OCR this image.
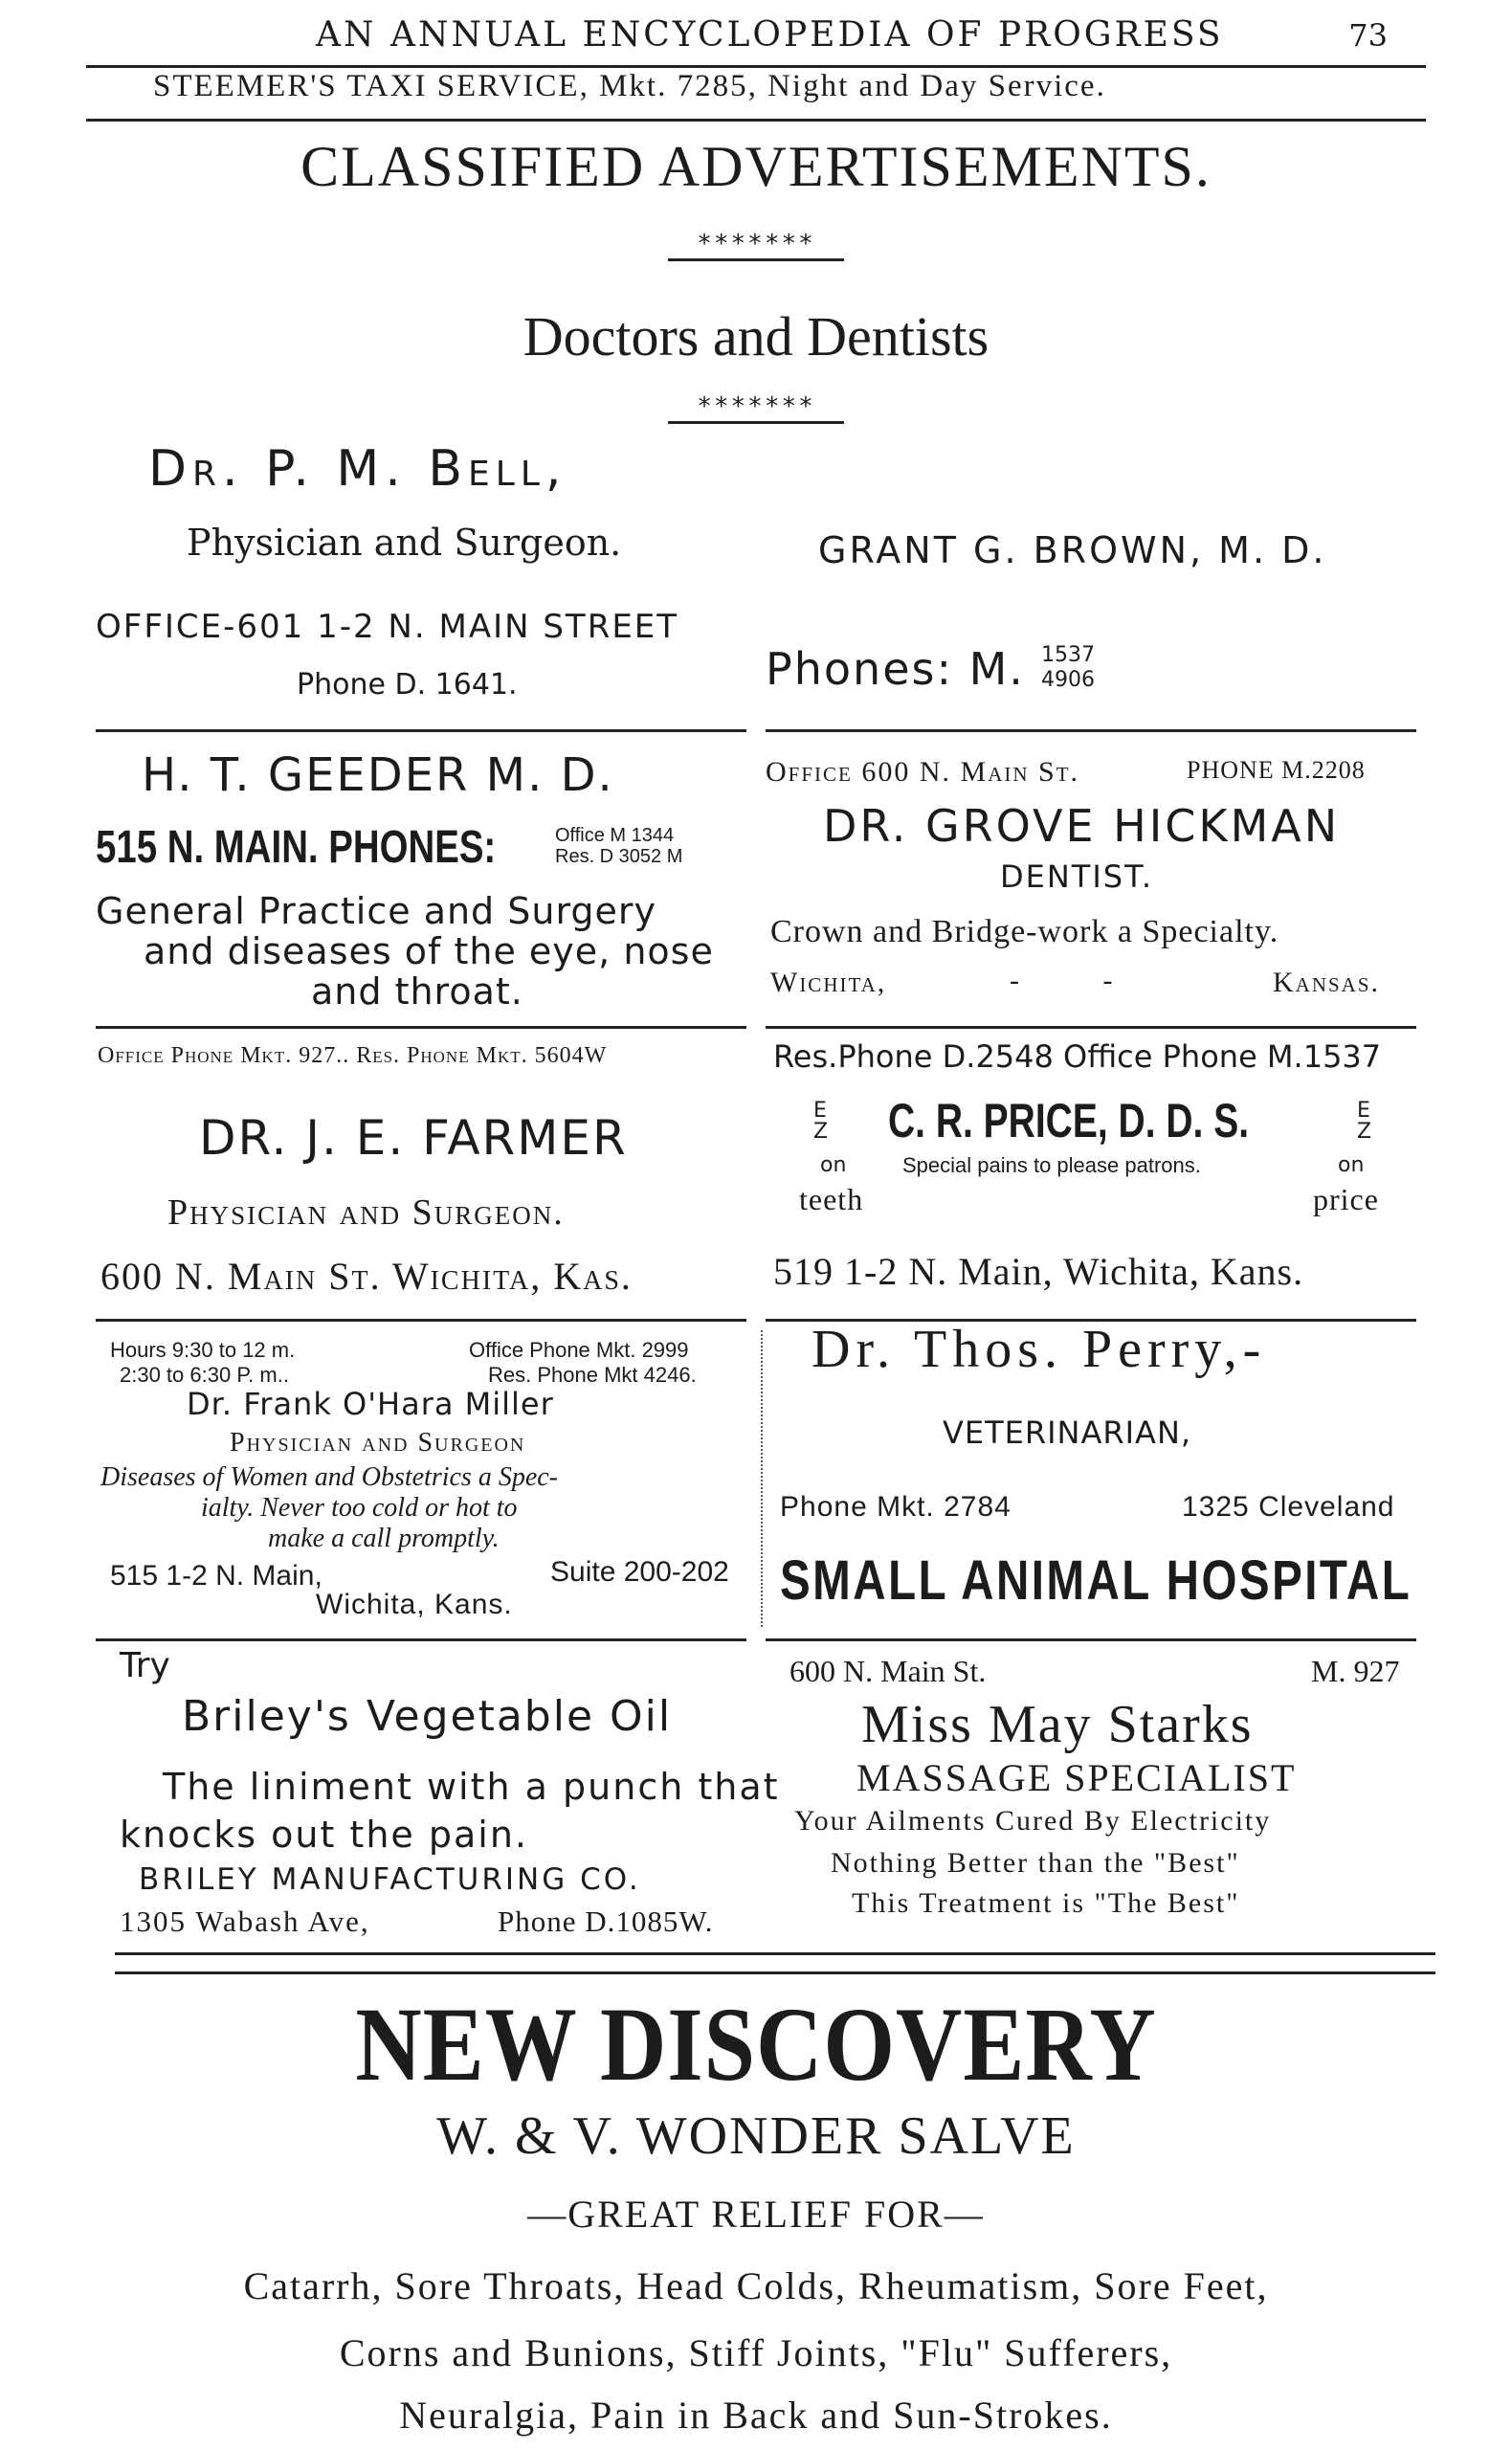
AN ANNUAL ENCYCLOPEDIA OF PROGRESS	73
STEEMER'S TAXI SERVICE, Mkt. 7285, Night and Day Service.
CLASSIFIED ADVERTISEMENTS.
*******
Doctors and Dentists
*******
Dr. P. M. Bell,
Physician and Surgeon.
OFFICE-601 1-2 N. MAIN STREET
Phone D. 1641.
GRANT G. BROWN, M. D.
Phones: M. 1537
4906
H. T. GEEDER M. D.
515 N. MAIN. PHONES:	Office M 1344
Res. D 3052 M
General Practice and Surgery
and diseases of the eye, nose
and throat.
Office 600 N. Main St.	PHONE M.2208
DR. GROVE HICKMAN
DENTIST.
Crown and Bridge-work a Specialty.
Wichita,	- -	Kansas.
Office Phone Mkt. 927.. Res. Phone Mkt. 5604W
DR. J. E. FARMER
Physician and Surgeon.
600 N. Main St. Wichita, Kas.
Res.Phone D.2548 Office Phone M.1537
E Z
on
teeth
C. R. PRICE, D. D. S.
Special pains to please patrons.
E Z
on
price
519 1-2 N. Main, Wichita, Kans.
Hours 9:30 to 12 m.
2:30 to 6:30 P. m..
Office Phone Mkt. 2999
Res. Phone Mkt 4246.
Dr. Frank O'Hara Miller
Physician and Surgeon
Diseases of Women and Obstetrics a Spec-
ialty. Never too cold or hot to
make a call promptly.
515 1-2 N. Main,	Suite 200-202
Wichita, Kans.
Dr. Thos. Perry,-
VETERINARIAN,
Phone Mkt. 2784	1325 Cleveland
SMALL ANIMAL HOSPITAL
Try
Briley's Vegetable Oil
The liniment with a punch that
knocks out the pain.
BRILEY MANUFACTURING CO.
1305 Wabash Ave,	Phone D.1085W.
600 N. Main St.	M. 927
Miss May Starks
MASSAGE SPECIALIST
Your Ailments Cured By Electricity
Nothing Better than the "Best"
This Treatment is "The Best"
NEW DISCOVERY
W. & V. WONDER SALVE
—GREAT RELIEF FOR—
Catarrh, Sore Throats, Head Colds, Rheumatism, Sore Feet,
Corns and Bunions, Stiff Joints, "Flu" Sufferers,
Neuralgia, Pain in Back and Sun-Strokes.
